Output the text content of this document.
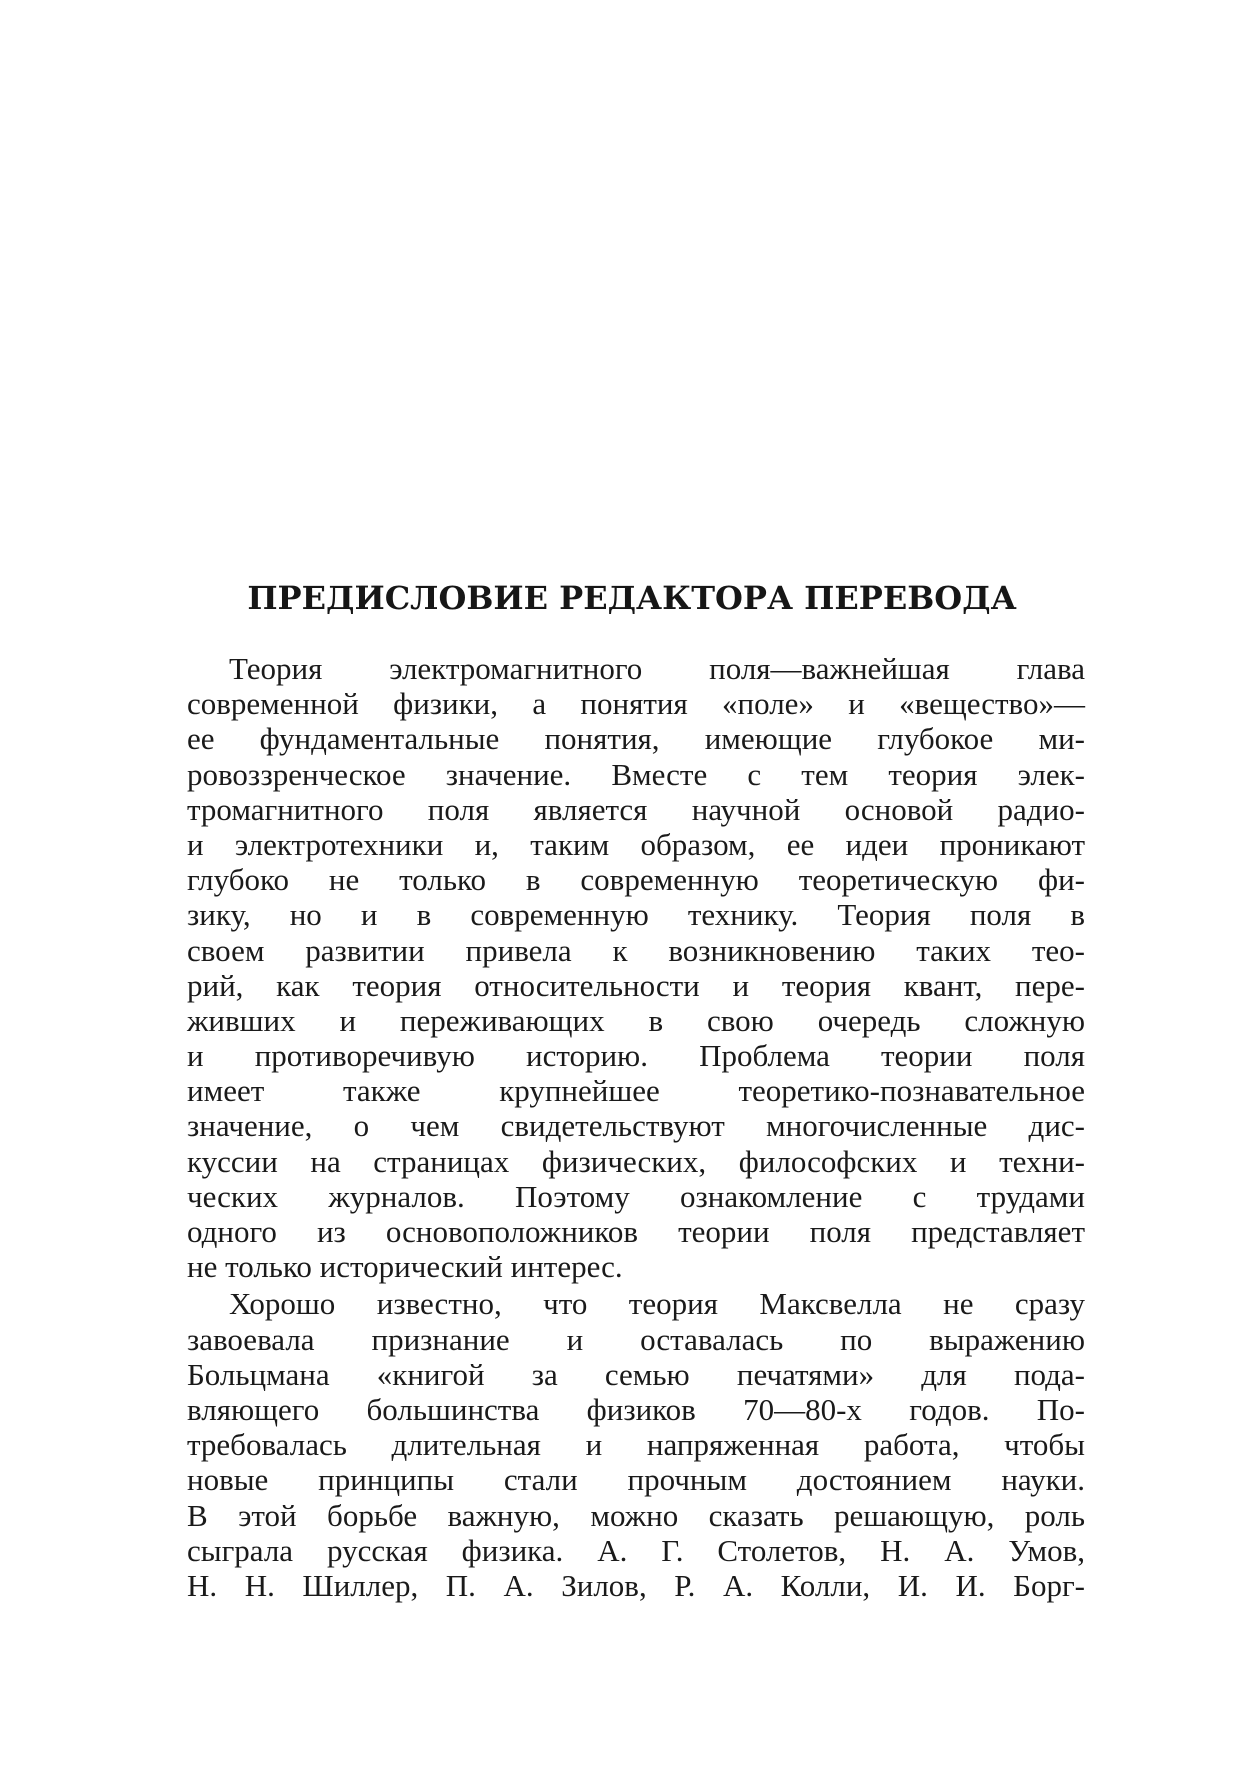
ПРЕДИСЛОВИЕ РЕДАКТОРА ПЕРЕВОДА

Теория электромагнитного поля—важнейшая глава
современной физики, а понятия «поле» и «вещество»—
ее фундаментальные понятия, имеющие глубокое ми-
ровоззренческое значение. Вместе с тем теория элек-
тромагнитного поля является научной основой радио-
и электротехники и, таким образом, ее идеи проникают
глубоко не только в современную теоретическую фи-
зику, но и в современную технику. Теория поля в
своем развитии привела к возникновению таких тео-
рий, как теория относительности и теория квант, пере-
живших и переживающих в свою очередь сложную
и противоречивую историю. Проблема теории поля
имеет также крупнейшее теоретико-познавательное
значение, о чем свидетельствуют многочисленные дис-
куссии на страницах физических, философских и техни-
ческих журналов. Поэтому ознакомление с трудами
одного из основоположников теории поля представляет
не только исторический интерес.

Хорошо известно, что теория Максвелла не сразу
завоевала признание и оставалась по выражению
Больцмана «книгой за семью печатями» для пода-
вляющего большинства физиков 70—80-х годов. По-
требовалась длительная и напряженная работа, чтобы
новые принципы стали прочным достоянием науки.
В этой борьбе важную, можно сказать решающую, роль
сыграла русская физика. А. Г. Столетов, Н. А. Умов,
Н. Н. Шиллер, П. А. Зилов, Р. А. Колли, И. И. Борг-
